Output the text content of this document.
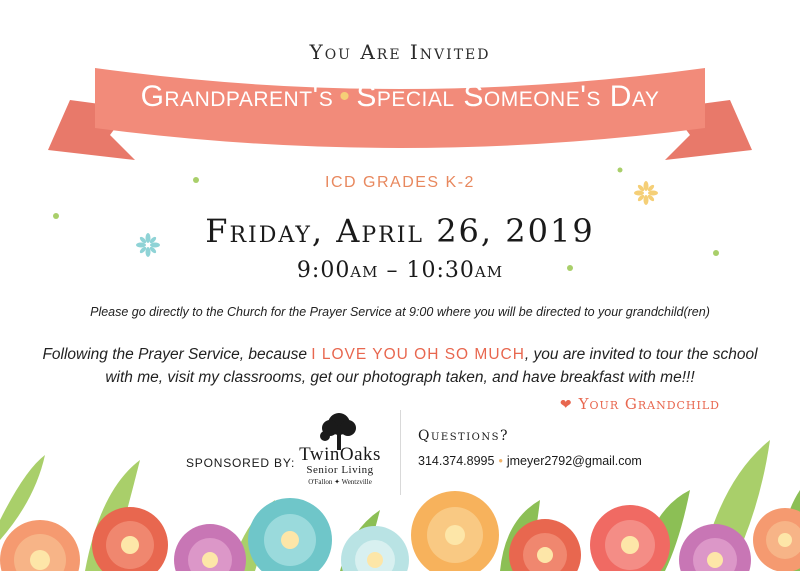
You Are Invited
Grandparent's • Special Someone's Day
ICD GRADES K-2
Friday, April 26, 2019
9:00am – 10:30am
Please go directly to the Church for the Prayer Service at 9:00 where you will be directed to your grandchild(ren)
Following the Prayer Service, because I LOVE YOU OH SO MUCH, you are invited to tour the school with me, visit my classrooms, get our photograph taken, and have breakfast with me!!!
❤ Your Grandchild
SPONSORED BY: TwinOaks
Senior Living
O'Fallon ✦ Wentzville
Questions?
314.374.8995 • jmeyer2792@gmail.com
